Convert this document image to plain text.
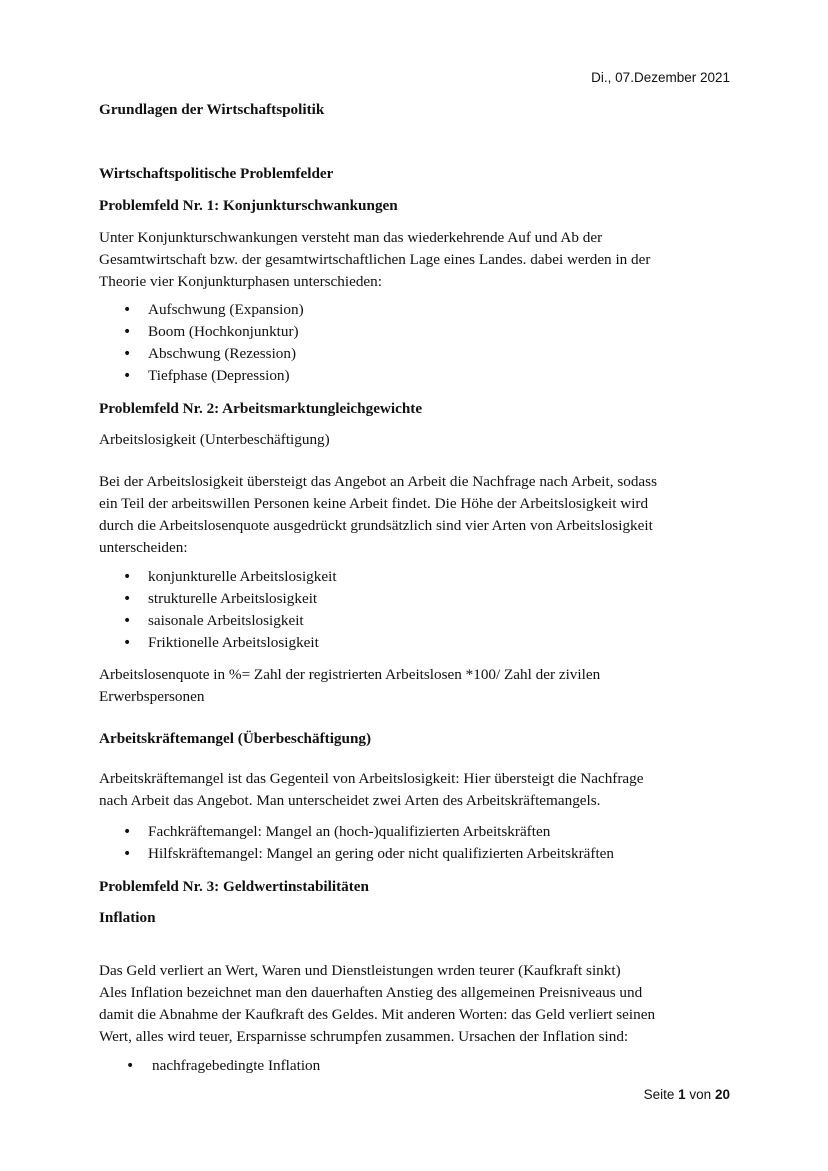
Di., 07.Dezember 2021
Grundlagen der Wirtschaftspolitik
Wirtschaftspolitische Problemfelder
Problemfeld Nr. 1: Konjunkturschwankungen
Unter Konjunkturschwankungen versteht man das wiederkehrende Auf und Ab der
Gesamtwirtschaft bzw. der gesamtwirtschaftlichen Lage eines Landes. dabei werden in der
Theorie vier Konjunkturphasen unterschieden:
• Aufschwung (Expansion)
• Boom (Hochkonjunktur)
• Abschwung (Rezession)
• Tiefphase (Depression)
Problemfeld Nr. 2: Arbeitsmarktungleichgewichte
Arbeitslosigkeit (Unterbeschäftigung)
Bei der Arbeitslosigkeit übersteigt das Angebot an Arbeit die Nachfrage nach Arbeit, sodass
ein Teil der arbeitswillen Personen keine Arbeit findet. Die Höhe der Arbeitslosigkeit wird
durch die Arbeitslosenquote ausgedrückt grundsätzlich sind vier Arten von Arbeitslosigkeit
unterscheiden:
• konjunkturelle Arbeitslosigkeit
• strukturelle Arbeitslosigkeit
• saisonale Arbeitslosigkeit
• Friktionelle Arbeitslosigkeit
Arbeitslosenquote in %= Zahl der registrierten Arbeitslosen *100/ Zahl der zivilen
Erwerbspersonen
Arbeitskräftemangel (Überbeschäftigung)
Arbeitskräftemangel ist das Gegenteil von Arbeitslosigkeit: Hier übersteigt die Nachfrage
nach Arbeit das Angebot. Man unterscheidet zwei Arten des Arbeitskräftemangels.
• Fachkräftemangel: Mangel an (hoch-)qualifizierten Arbeitskräften
• Hilfskräftemangel: Mangel an gering oder nicht qualifizierten Arbeitskräften
Problemfeld Nr. 3: Geldwertinstabilitäten
Inflation
Das Geld verliert an Wert, Waren und Dienstleistungen wrden teurer (Kaufkraft sinkt)
Ales Inflation bezeichnet man den dauerhaften Anstieg des allgemeinen Preisniveaus und
damit die Abnahme der Kaufkraft des Geldes. Mit anderen Worten: das Geld verliert seinen
Wert, alles wird teuer, Ersparnisse schrumpfen zusammen. Ursachen der Inflation sind:
• nachfragebedingte Inflation
Seite 1 von 20
